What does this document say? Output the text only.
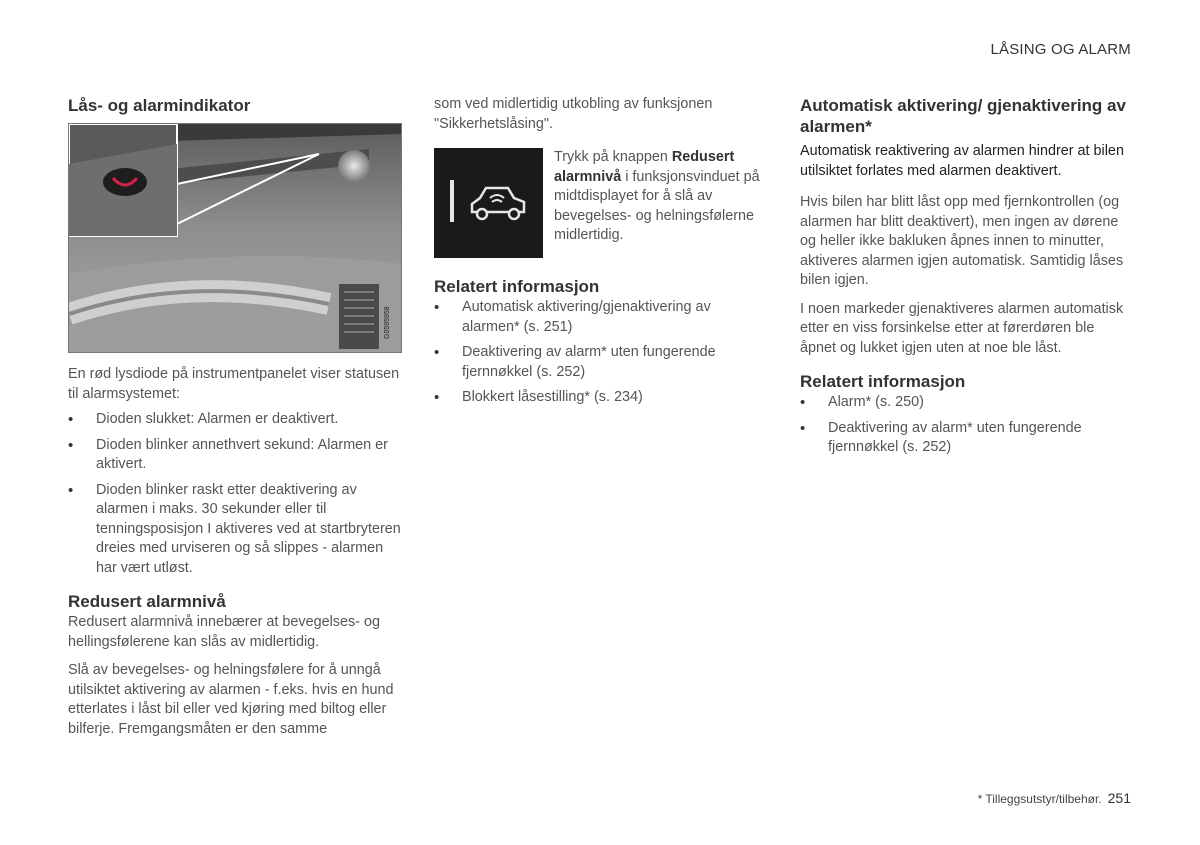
LÅSING OG ALARM
Lås- og alarmindikator
G0595958

En rød lysdiode på instrumentpanelet viser statusen til alarmsystemet:

• Dioden slukket: Alarmen er deaktivert.
• Dioden blinker annethvert sekund: Alarmen er aktivert.
• Dioden blinker raskt etter deaktivering av alarmen i maks. 30 sekunder eller til tenningsposisjon I aktiveres ved at startbryteren dreies med urviseren og så slippes - alarmen har vært utløst.
Redusert alarmnivå

Redusert alarmnivå innebærer at bevegelses- og hellingsfølerene kan slås av midlertidig.

Slå av bevegelses- og helningsfølere for å unngå utilsiktet aktivering av alarmen - f.eks. hvis en hund etterlates i låst bil eller ved kjøring med biltog eller bilferje. Fremgangsmåten er den samme

som ved midlertidig utkobling av funksjonen "Sikkerhetslåsing".

Trykk på knappen Redusert alarmnivå i funksjonsvinduet på midtdisplayet for å slå av bevegelses- og helningsfølerne midlertidig.
Relatert informasjon
• Automatisk aktivering/gjenaktivering av alarmen* (s. 251)
• Deaktivering av alarm* uten fungerende fjernnøkkel (s. 252)
• Blokkert låsestilling* (s. 234)
Automatisk aktivering/ gjenaktivering av alarmen*

Automatisk reaktivering av alarmen hindrer at bilen utilsiktet forlates med alarmen deaktivert.

Hvis bilen har blitt låst opp med fjernkontrollen (og alarmen har blitt deaktivert), men ingen av dørene og heller ikke bakluken åpnes innen to minutter, aktiveres alarmen igjen automatisk. Samtidig låses bilen igjen.

I noen markeder gjenaktiveres alarmen automatisk etter en viss forsinkelse etter at førerdøren ble åpnet og lukket igjen uten at noe ble låst.

Relatert informasjon
• Alarm* (s. 250)
• Deaktivering av alarm* uten fungerende fjernnøkkel (s. 252)
* Tilleggsutstyr/tilbehør. 251
